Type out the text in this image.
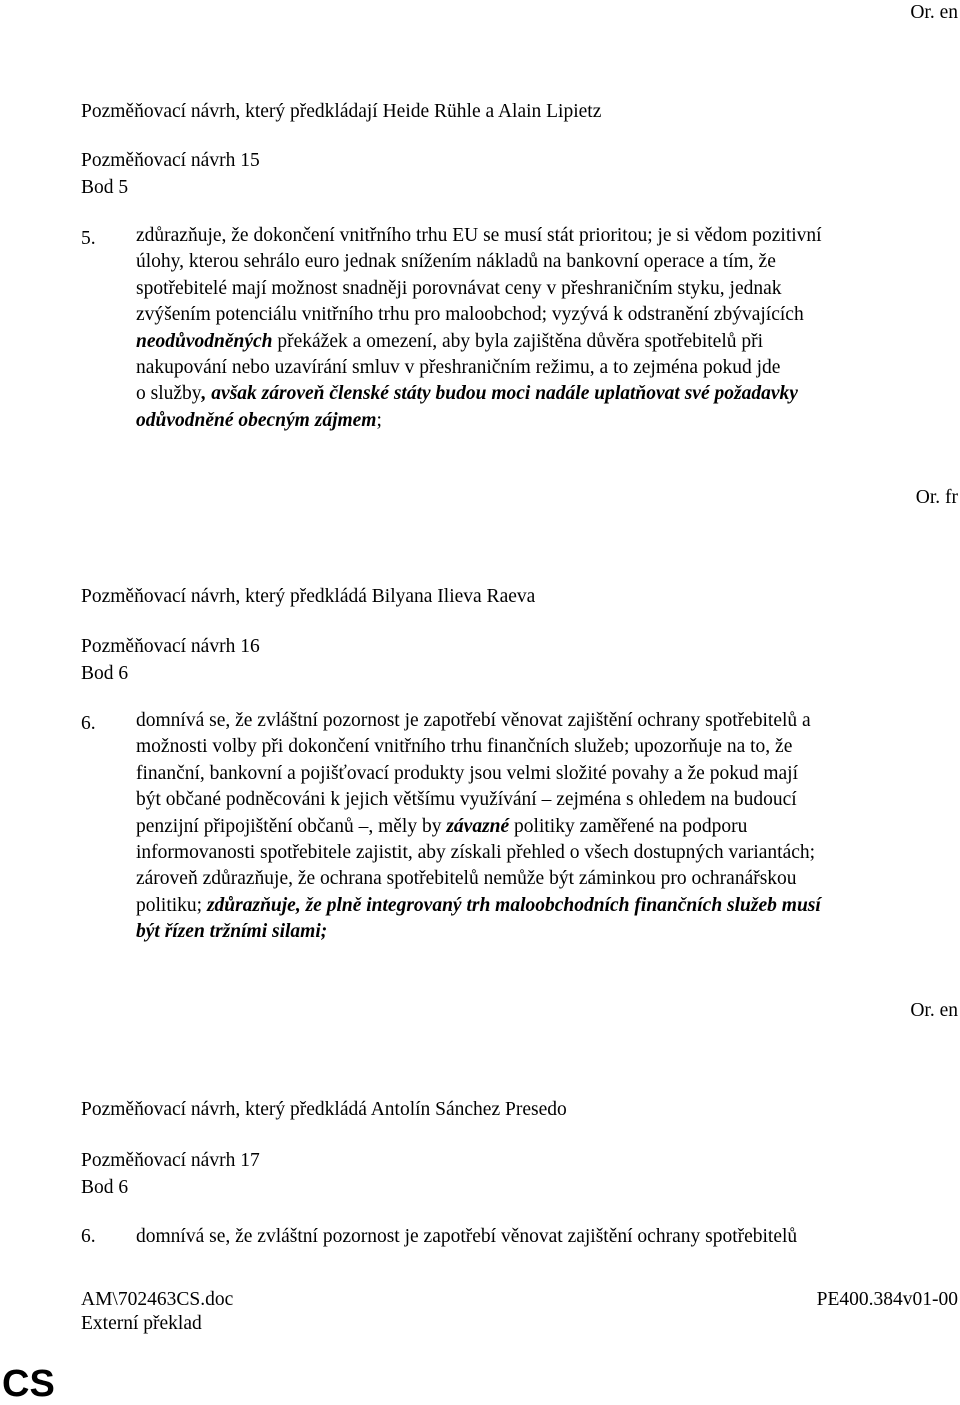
Or. en
Pozměňovací návrh, který předkládají Heide Rühle a Alain Lipietz
Pozměňovací návrh 15
Bod 5
5. zdůrazňuje, že dokončení vnitřního trhu EU se musí stát prioritou; je si vědom pozitivní
úlohy, kterou sehrálo euro jednak snížením nákladů na bankovní operace a tím, že
spotřebitelé mají možnost snadněji porovnávat ceny v přeshraničním styku, jednak
zvýšením potenciálu vnitřního trhu pro maloobchod; vyzývá k odstranění zbývajících
neodůvodněných překážek a omezení, aby byla zajištěna důvěra spotřebitelů při
nakupování nebo uzavírání smluv v přeshraničním režimu, a to zejména pokud jde
o služby, avšak zároveň členské státy budou moci nadále uplatňovat své požadavky
odůvodněné obecným zájmem;
Or. fr
Pozměňovací návrh, který předkládá Bilyana Ilieva Raeva
Pozměňovací návrh 16
Bod 6
6. domnívá se, že zvláštní pozornost je zapotřebí věnovat zajištění ochrany spotřebitelů a
možnosti volby při dokončení vnitřního trhu finančních služeb; upozorňuje na to, že
finanční, bankovní a pojišťovací produkty jsou velmi složité povahy a že pokud mají
být občané podněcováni k jejich většímu využívání – zejména s ohledem na budoucí
penzijní připojištění občanů –, měly by závazné politiky zaměřené na podporu
informovanosti spotřebitele zajistit, aby získali přehled o všech dostupných variantách;
zároveň zdůrazňuje, že ochrana spotřebitelů nemůže být záminkou pro ochranářskou
politiku; zdůrazňuje, že plně integrovaný trh maloobchodních finančních služeb musí
být řízen tržními silami;
Or. en
Pozměňovací návrh, který předkládá Antolín Sánchez Presedo
Pozměňovací návrh 17
Bod 6
6. domnívá se, že zvláštní pozornost je zapotřebí věnovat zajištění ochrany spotřebitelů
AM\702463CS.doc
Externí překlad
PE400.384v01-00
CS
